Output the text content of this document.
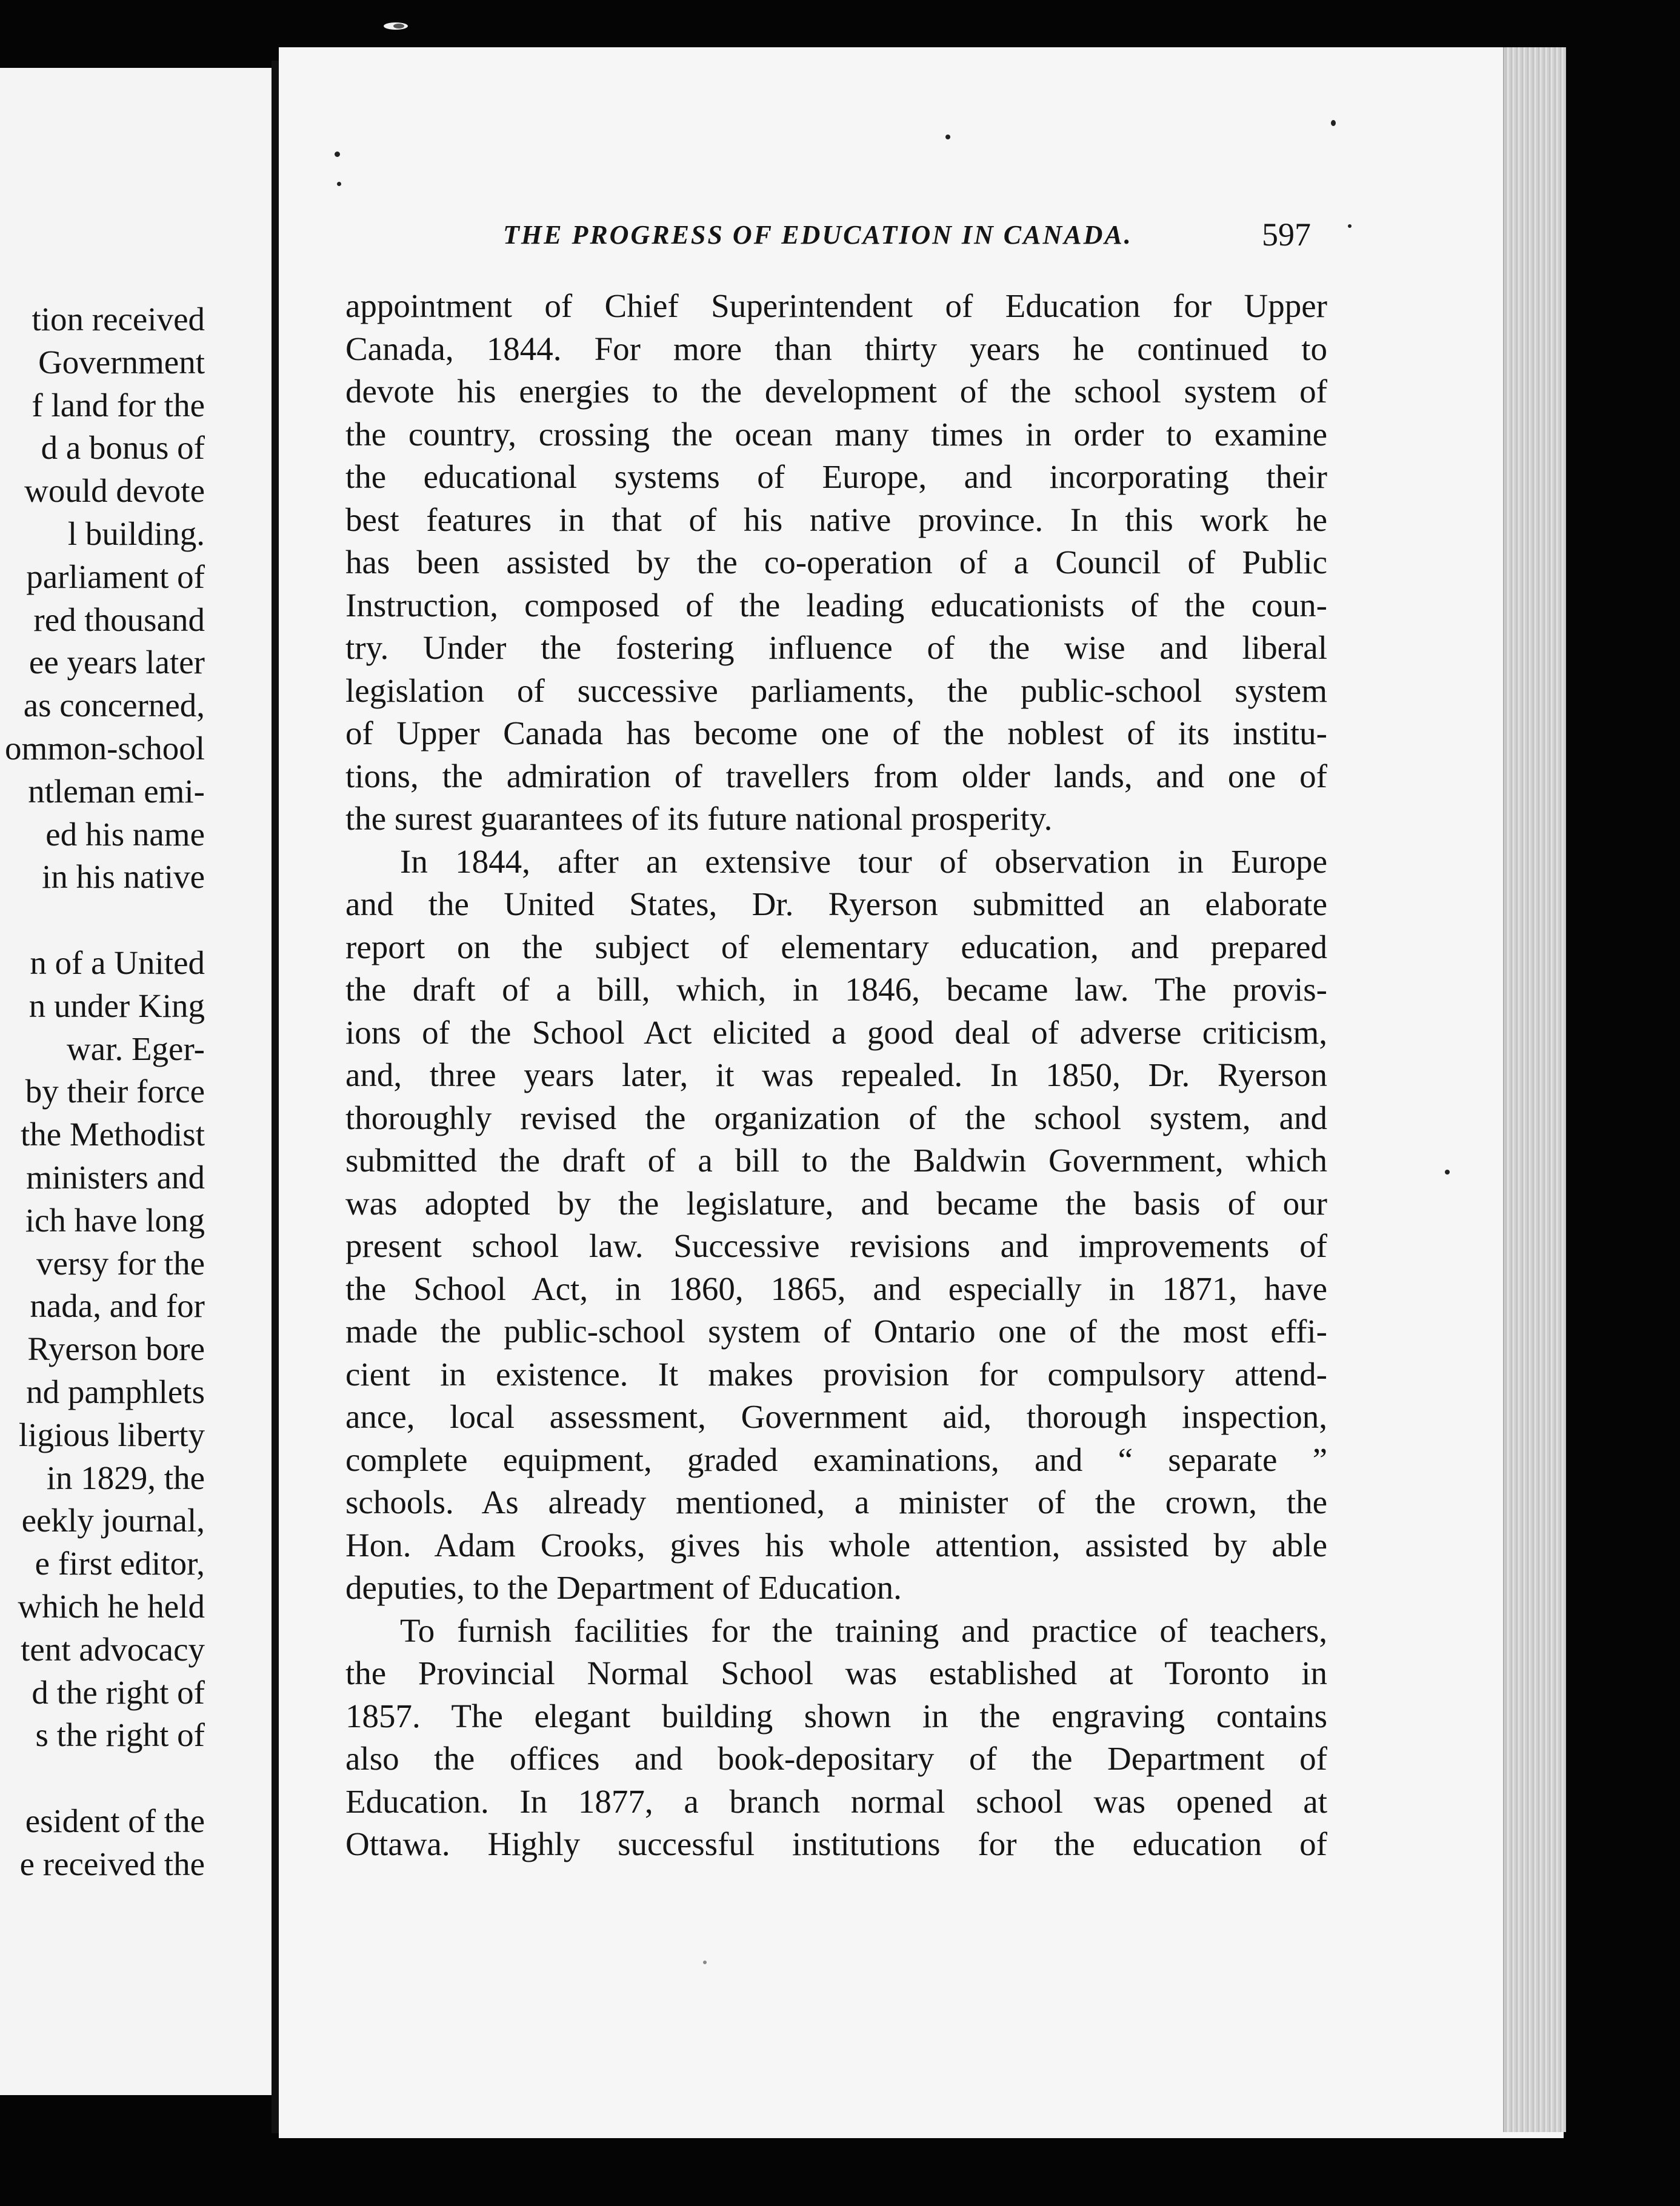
tion received
Government
f land for the
d a bonus of
would devote
l building.
parliament of
red thousand
ee years later
as concerned,
ommon-school
ntleman emi-
ed his name
in his native
n of a United
n under King
war. Eger-
by their force
the Methodist
ministers and
ich have long
versy for the
nada, and for
Ryerson bore
nd pamphlets
ligious liberty
in 1829, the
eekly journal,
e first editor,
which he held
tent advocacy
d the right of
s the right of
esident of the
e received the
THE PROGRESS OF EDUCATION IN CANADA.	597
appointment of Chief Superintendent of Education for Upper
Canada, 1844. For more than thirty years he continued to
devote his energies to the development of the school system of
the country, crossing the ocean many times in order to examine
the educational systems of Europe, and incorporating their
best features in that of his native province. In this work he
has been assisted by the co-operation of a Council of Public
Instruction, composed of the leading educationists of the coun-
try. Under the fostering influence of the wise and liberal
legislation of successive parliaments, the public-school system
of Upper Canada has become one of the noblest of its institu-
tions, the admiration of travellers from older lands, and one of
the surest guarantees of its future national prosperity.
In 1844, after an extensive tour of observation in Europe
and the United States, Dr. Ryerson submitted an elaborate
report on the subject of elementary education, and prepared
the draft of a bill, which, in 1846, became law. The provis-
ions of the School Act elicited a good deal of adverse criticism,
and, three years later, it was repealed. In 1850, Dr. Ryerson
thoroughly revised the organization of the school system, and
submitted the draft of a bill to the Baldwin Government, which
was adopted by the legislature, and became the basis of our
present school law. Successive revisions and improvements of
the School Act, in 1860, 1865, and especially in 1871, have
made the public-school system of Ontario one of the most effi-
cient in existence. It makes provision for compulsory attend-
ance, local assessment, Government aid, thorough inspection,
complete equipment, graded examinations, and “ separate ”
schools. As already mentioned, a minister of the crown, the
Hon. Adam Crooks, gives his whole attention, assisted by able
deputies, to the Department of Education.
To furnish facilities for the training and practice of teachers,
the Provincial Normal School was established at Toronto in
1857. The elegant building shown in the engraving contains
also the offices and book-depositary of the Department of
Education. In 1877, a branch normal school was opened at
Ottawa. Highly successful institutions for the education of
